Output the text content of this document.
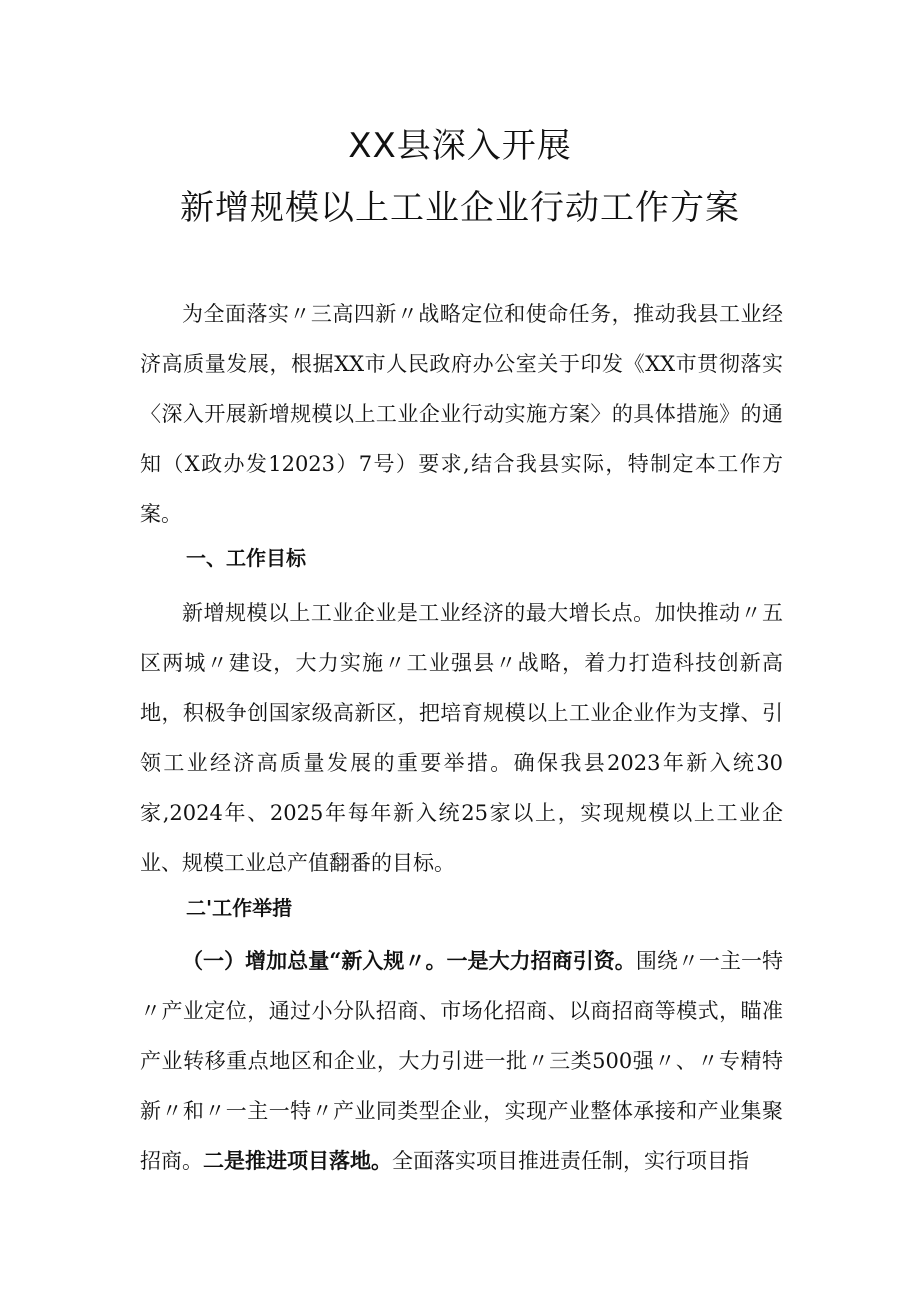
XX县深入开展
新增规模以上工业企业行动工作方案

为全面落实〃三高四新〃战略定位和使命任务，推动我县工业经济高质量发展，根据XX市人民政府办公室关于印发《XX市贯彻落实〈深入开展新增规模以上工业企业行动实施方案〉的具体措施》的通知（X政办发12023）7号）要求,结合我县实际，特制定本工作方案。

一、工作目标

新增规模以上工业企业是工业经济的最大增长点。加快推动〃五区两城〃建设，大力实施〃工业强县〃战略，着力打造科技创新高地，积极争创国家级高新区，把培育规模以上工业企业作为支撑、引领工业经济高质量发展的重要举措。确保我县2023年新入统30家,2024年、2025年每年新入统25家以上，实现规模以上工业企业、规模工业总产值翻番的目标。

二'工作举措

（一）增加总量“新入规〃。一是大力招商引资。围绕〃一主一特〃产业定位，通过小分队招商、市场化招商、以商招商等模式，瞄准产业转移重点地区和企业，大力引进一批〃三类500强〃、〃专精特新〃和〃一主一特〃产业同类型企业，实现产业整体承接和产业集聚招商。二是推进项目落地。全面落实项目推进责任制，实行项目指
